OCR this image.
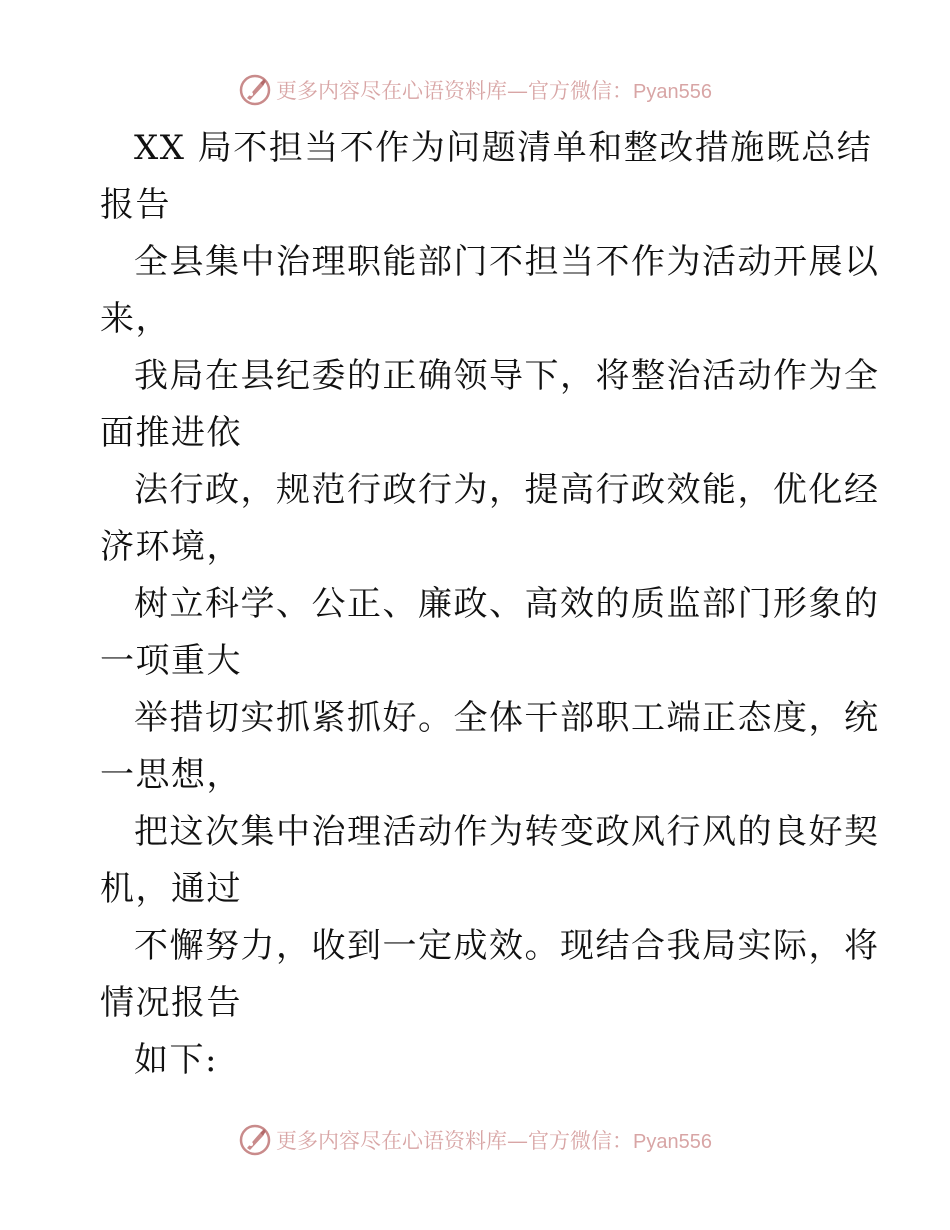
更多内容尽在心语资料库—官方微信：Pyan556
XX 局不担当不作为问题清单和整改措施既总结
报告
全县集中治理职能部门不担当不作为活动开展以
来，
我局在县纪委的正确领导下，将整治活动作为全
面推进依
法行政，规范行政行为，提高行政效能，优化经
济环境，
树立科学、公正、廉政、高效的质监部门形象的
一项重大
举措切实抓紧抓好。全体干部职工端正态度，统
一思想，
把这次集中治理活动作为转变政风行风的良好契
机，通过
不懈努力，收到一定成效。现结合我局实际，将
情况报告
如下:
更多内容尽在心语资料库—官方微信：Pyan556
